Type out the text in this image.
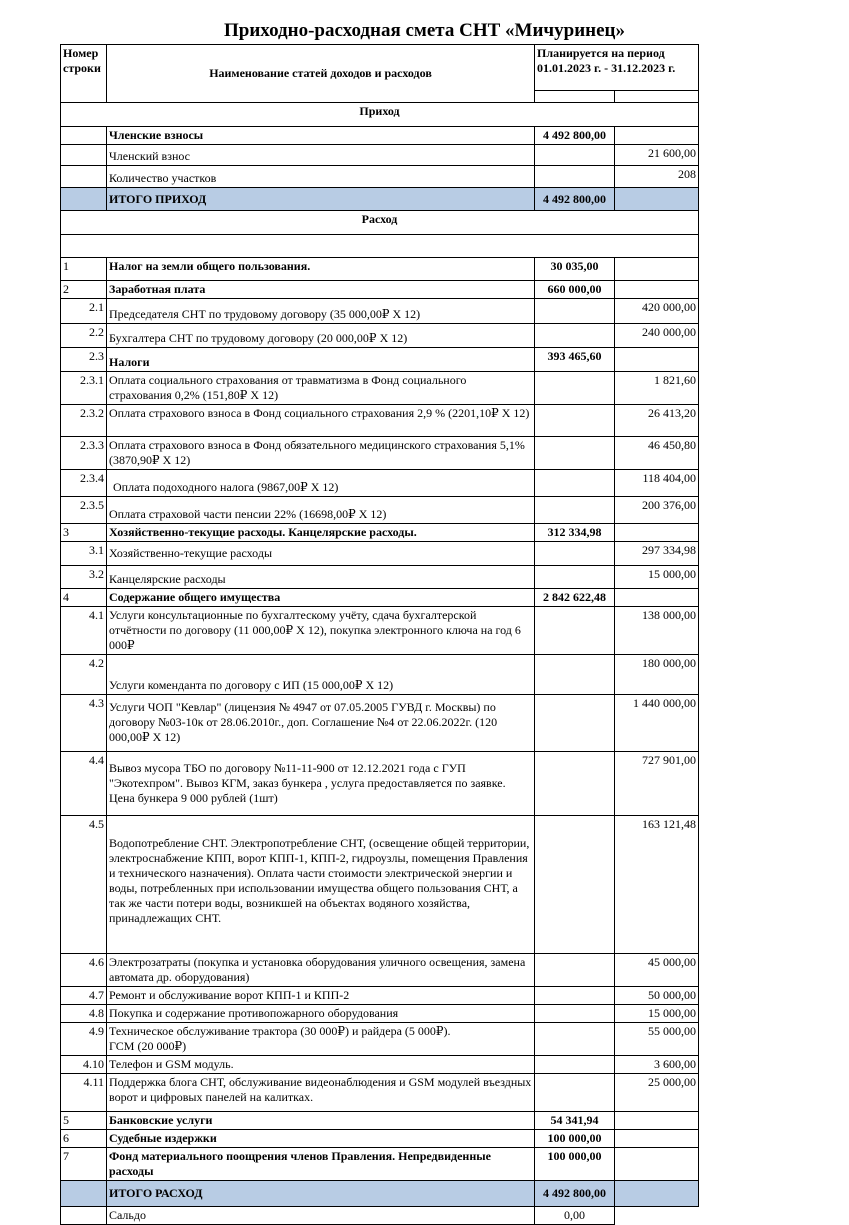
Приходно-расходная смета СНТ «Мичуринец»
Номер строки	Наименование статей доходов и расходов	Планируется на период
01.01.2023 г. - 31.12.2023 г.	

Приход			
	Членские взносы	4 492 800,00	
	Членский взнос		21 600,00
	Количество участков		208
	ИТОГО ПРИХОД	4 492 800,00	
Расход			

1	Налог на земли общего пользования.	30 035,00	
2	Заработная плата	660 000,00	
2.1	Председателя СНТ по трудовому договору (35 000,00₽ Х 12)		420 000,00
2.2	Бухгалтера СНТ по трудовому договору (20 000,00₽ Х 12)		240 000,00
2.3	Налоги	393 465,60	
2.3.1	Оплата социального страхования от травматизма в Фонд социального страхования 0,2% (151,80₽ Х 12)		1 821,60
2.3.2	Оплата страхового взноса в Фонд социального страхования 2,9 % (2201,10₽ Х 12)		26 413,20
2.3.3	Оплата страхового взноса в Фонд обязательного медицинского страхования 5,1% (3870,90₽ Х 12)		46 450,80
2.3.4	Оплата подоходного налога (9867,00₽ Х 12)		118 404,00
2.3.5	Оплата страховой части пенсии 22% (16698,00₽ Х 12)		200 376,00
3	Хозяйственно-текущие расходы. Канцелярские расходы.	312 334,98	
3.1	Хозяйственно-текущие расходы		297 334,98
3.2	Канцелярские расходы		15 000,00
4	Содержание общего имущества	2 842 622,48	
4.1	Услуги консультационные по бухгалтескому учёту, сдача бухгалтерской отчётности по договору (11 000,00₽ Х 12), покупка электронного ключа на год 6 000₽		138 000,00
4.2	Услуги коменданта по договору с ИП (15 000,00₽ Х 12)		180 000,00
4.3	Услуги ЧОП "Кевлар" (лицензия № 4947 от 07.05.2005 ГУВД г. Москвы) по договору №03-10к от 28.06.2010г., доп. Соглашение №4 от 22.06.2022г. (120 000,00₽ Х 12)		1 440 000,00
4.4	Вывоз мусора ТБО по договору №11-11-900 от 12.12.2021 года с ГУП "Экотехпром". Вывоз КГМ, заказ бункера , услуга предоставляется по заявке. Цена бункера 9 000 рублей (1шт)		727 901,00
4.5	Водопотребление СНТ. Электропотребление СНТ, (освещение общей территории, электроснабжение КПП, ворот КПП-1, КПП-2, гидроузлы, помещения Правления и технического назначения). Оплата части стоимости электрической энергии и воды, потребленных при использовании имущества общего пользования СНТ, а так же части потери воды, возникшей на объектах водяного хозяйства, принадлежащих СНТ.		163 121,48
4.6	Электрозатраты (покупка и установка оборудования уличного освещения, замена автомата др. оборудования)		45 000,00
4.7	Ремонт и обслуживание ворот КПП-1 и КПП-2		50 000,00
4.8	Покупка и содержание противопожарного оборудования		15 000,00
4.9	Техническое обслуживание трактора (30 000₽) и райдера (5 000₽).
ГСМ (20 000₽)		55 000,00
4.10	Телефон и GSM модуль.		3 600,00
4.11	Поддержка блога СНТ, обслуживание видеонаблюдения и GSM модулей въездных ворот и цифровых панелей на калитках.		25 000,00
5	Банковские услуги	54 341,94	
6	Судебные издержки	100 000,00	
7	Фонд материального поощрения членов Правления. Непредвиденные расходы	100 000,00	
	ИТОГО РАСХОД	4 492 800,00	
	Сальдо	0,00	
